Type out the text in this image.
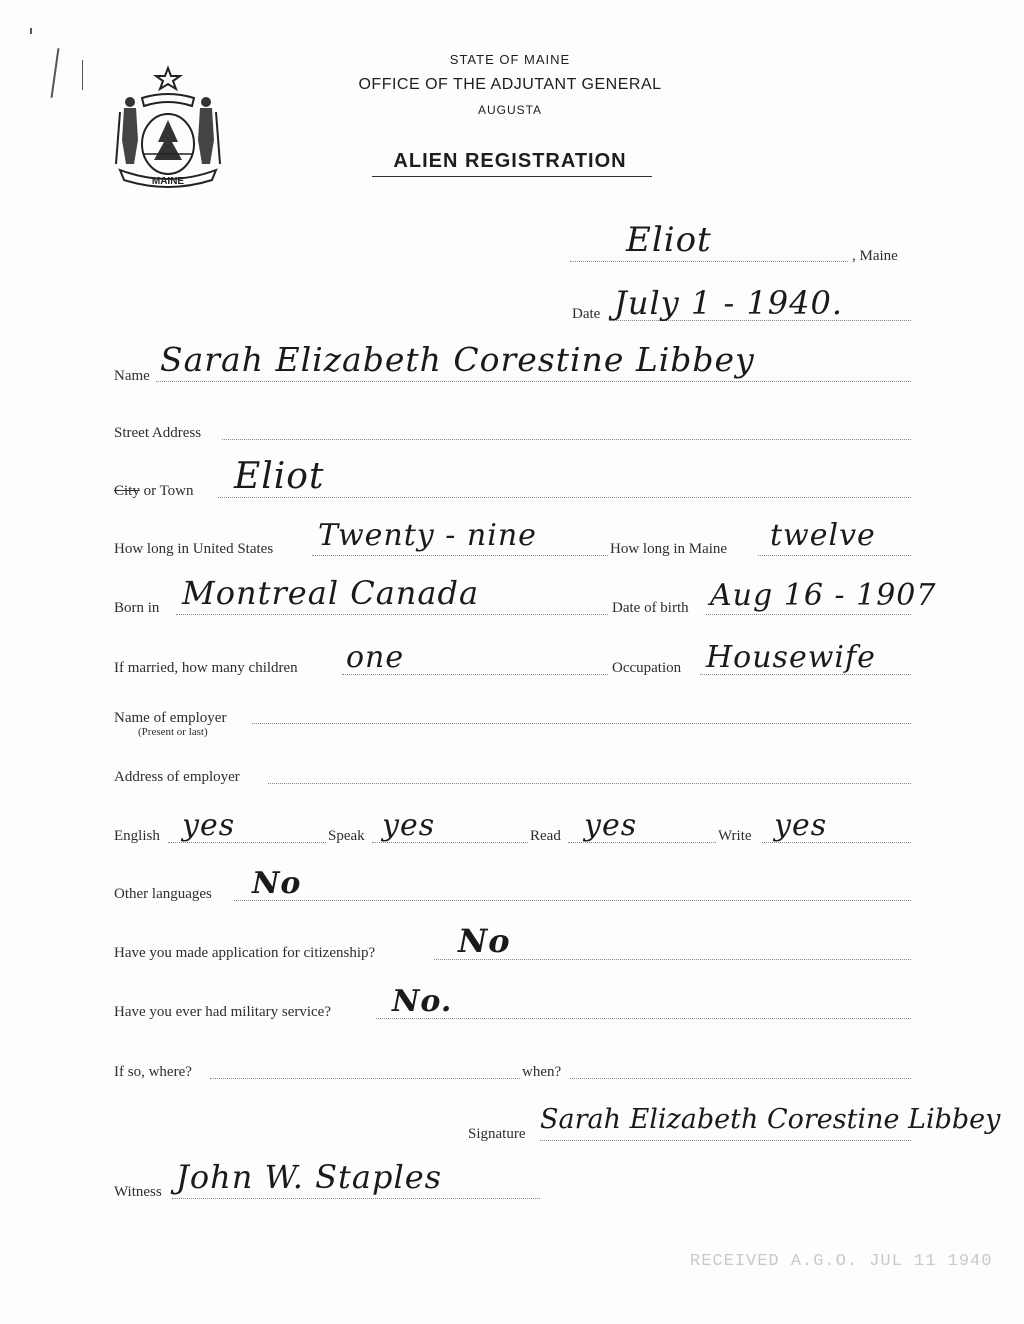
MAINE
STATE OF MAINE
OFFICE OF THE ADJUTANT GENERAL
AUGUSTA
ALIEN REGISTRATION
Eliot	, Maine
Date July 1 - 1940.
Name Sarah Elizabeth Corestine Libbey
Street Address
City or Town Eliot
How long in United States Twenty - nine	How long in Maine twelve
Born in Montreal Canada	Date of birth Aug 16 - 1907
If married, how many children one	Occupation Housewife
Name of employer
(Present or last)
Address of employer
English yes	Speak yes	Read yes	Write yes
Other languages No
Have you made application for citizenship?	No
Have you ever had military service? No.
If so, where?	when?
Signature Sarah Elizabeth Corestine Libbey
Witness John W. Staples
RECEIVED A.G.O. JUL 11 1940
